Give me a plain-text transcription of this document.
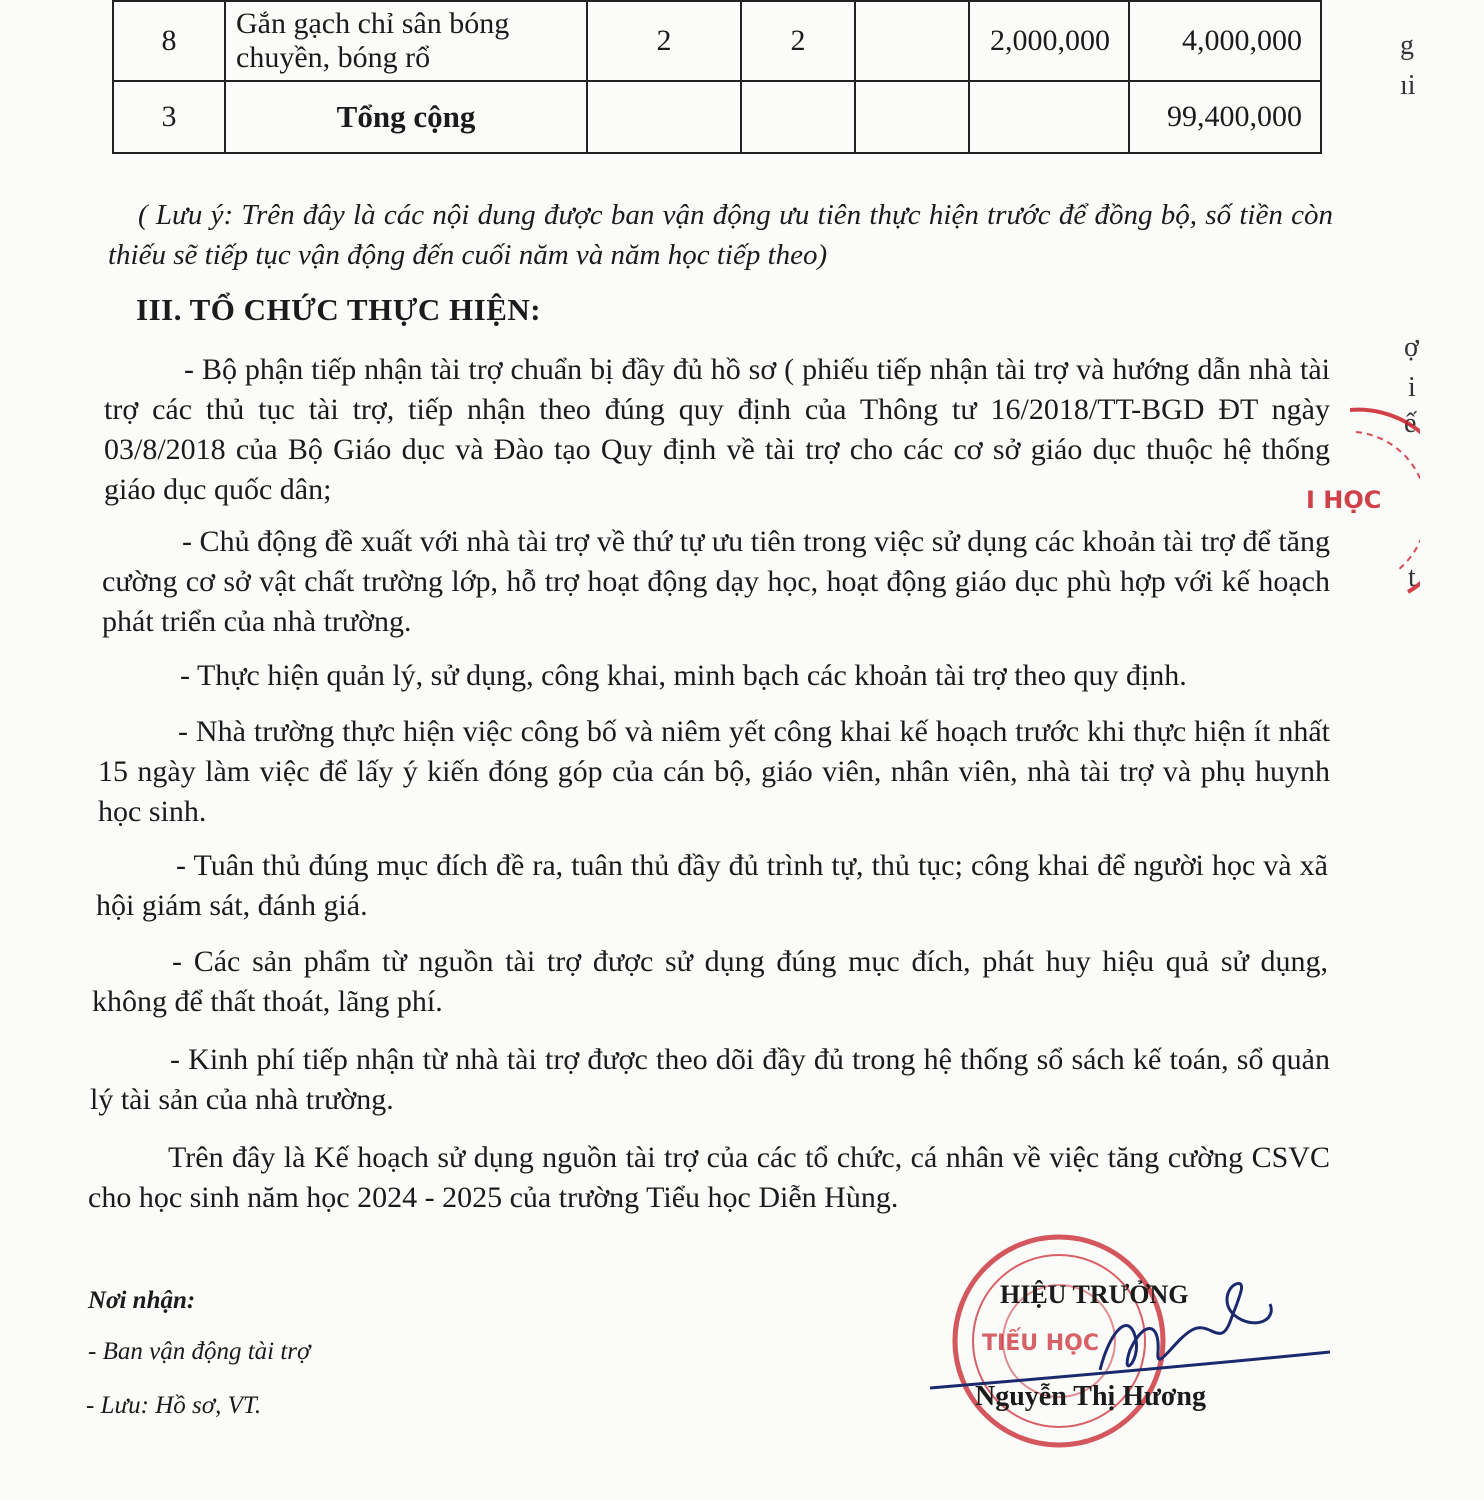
8	Gắn gạch chỉ sân bóng chuyền, bóng rổ	2	2		2,000,000	4,000,000
3	Tổng cộng					99,400,000
g
ıi
ợ
i
ế
t
( Lưu ý: Trên đây là các nội dung được ban vận động ưu tiên thực hiện trước để đồng bộ, số tiền còn thiếu sẽ tiếp tục vận động đến cuối năm và năm học tiếp theo)
III. TỔ CHỨC THỰC HIỆN:
- Bộ phận tiếp nhận tài trợ chuẩn bị đầy đủ hồ sơ ( phiếu tiếp nhận tài trợ và hướng dẫn nhà tài trợ các thủ tục tài trợ, tiếp nhận theo đúng quy định của Thông tư 16/2018/TT-BGD ĐT ngày 03/8/2018 của Bộ Giáo dục và Đào tạo Quy định về tài trợ cho các cơ sở giáo dục thuộc hệ thống giáo dục quốc dân;
- Chủ động đề xuất với nhà tài trợ về thứ tự ưu tiên trong việc sử dụng các khoản tài trợ để tăng cường cơ sở vật chất trường lớp, hỗ trợ hoạt động dạy học, hoạt động giáo dục phù hợp với kế hoạch phát triển của nhà trường.
- Thực hiện quản lý, sử dụng, công khai, minh bạch các khoản tài trợ theo quy định.
- Nhà trường thực hiện việc công bố và niêm yết công khai kế hoạch trước khi thực hiện ít nhất 15 ngày làm việc để lấy ý kiến đóng góp của cán bộ, giáo viên, nhân viên, nhà tài trợ và phụ huynh học sinh.
- Tuân thủ đúng mục đích đề ra, tuân thủ đầy đủ trình tự, thủ tục; công khai để người học và xã hội giám sát, đánh giá.
- Các sản phẩm từ nguồn tài trợ được sử dụng đúng mục đích, phát huy hiệu quả sử dụng, không để thất thoát, lãng phí.
- Kinh phí tiếp nhận từ nhà tài trợ được theo dõi đầy đủ trong hệ thống sổ sách kế toán, sổ quản lý tài sản của nhà trường.
Trên đây là Kế hoạch sử dụng nguồn tài trợ của các tổ chức, cá nhân về việc tăng cường CSVC cho học sinh năm học 2024 - 2025 của trường Tiểu học Diễn Hùng.
Nơi nhận:
- Ban vận động tài trợ
- Lưu: Hồ sơ, VT.
I HỌC
TIỂU HỌC
HIỆU TRƯỞNG
Nguyễn Thị Hương
